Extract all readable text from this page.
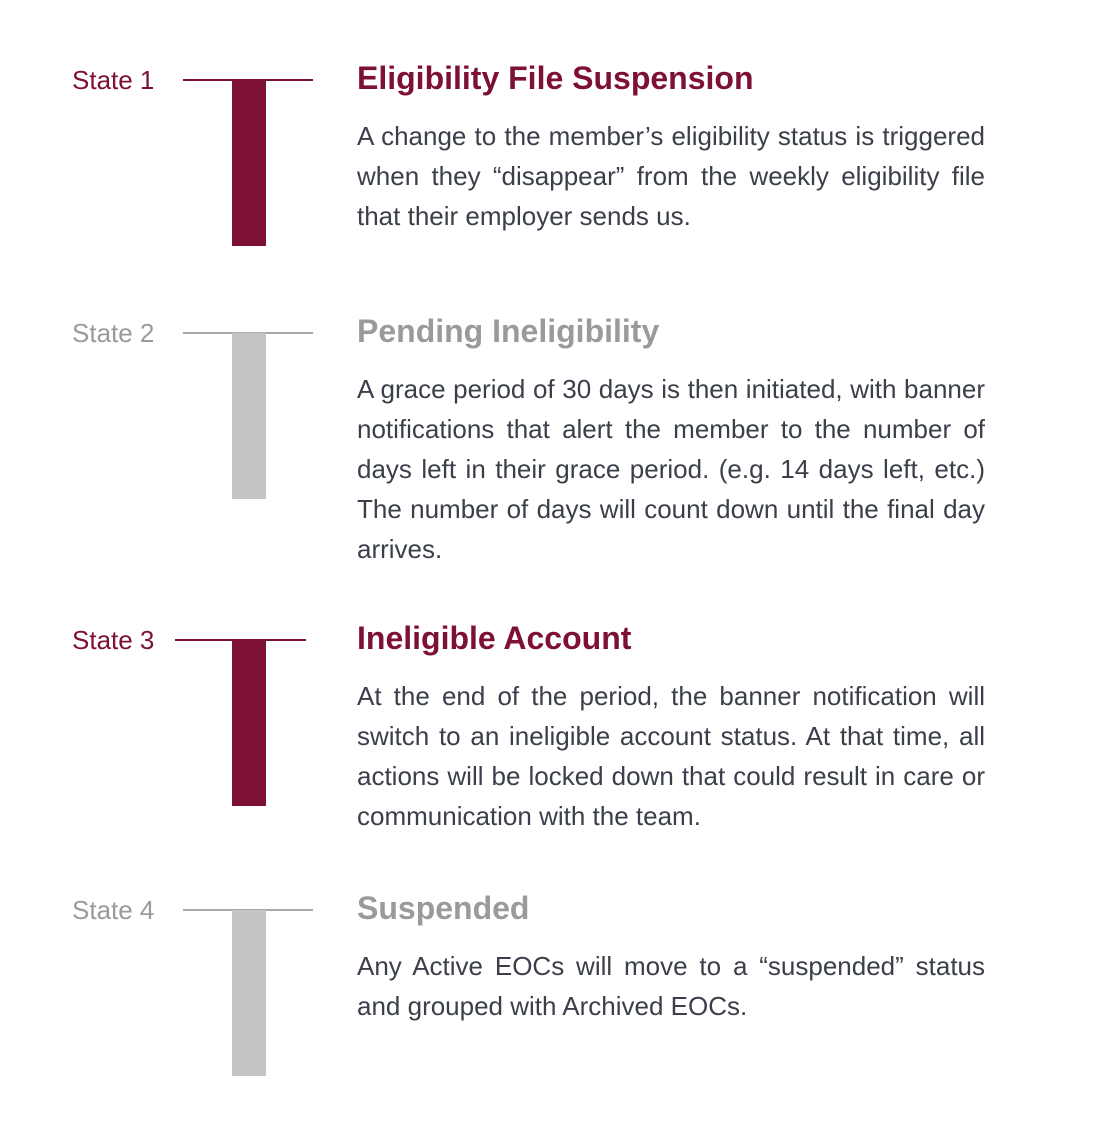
State 1	Eligibility File Suspension
A change to the member’s eligibility status is triggered when they “disappear” from the weekly eligibility file that their employer sends us.
State 2	Pending Ineligibility
A grace period of 30 days is then initiated, with banner notifications that alert the member to the number of days left in their grace period. (e.g. 14 days left, etc.) The number of days will count down until the final day arrives.
State 3	Ineligible Account
At the end of the period, the banner notification will switch to an ineligible account status. At that time, all actions will be locked down that could result in care or communication with the team.
State 4	Suspended
Any Active EOCs will move to a “suspended” status and grouped with Archived EOCs.
